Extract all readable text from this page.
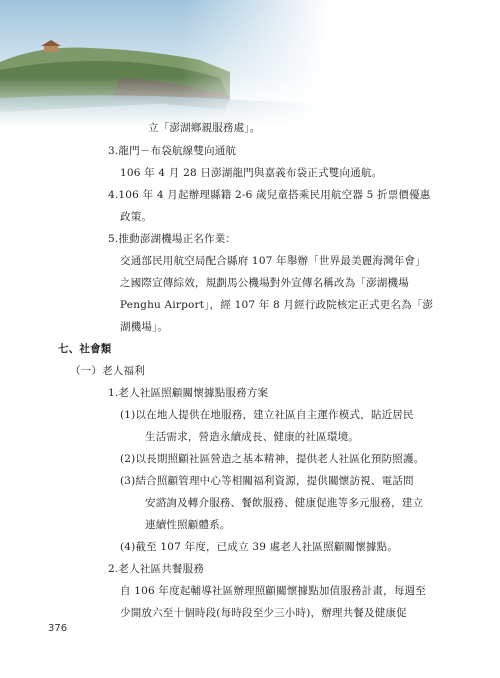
立「澎湖鄉親服務處」。
3.龍門－布袋航線雙向通航
106 年 4 月 28 日澎湖龍門與嘉義布袋正式雙向通航。
4.106 年 4 月起辦理縣籍 2-6 歲兒童搭乘民用航空器 5 折票價優惠
政策。
5.推動澎湖機場正名作業：
交通部民用航空局配合縣府 107 年舉辦「世界最美麗海灣年會」
之國際宣傳綜效，規劃馬公機場對外宣傳名稱改為「澎湖機場
Penghu Airport」，經 107 年 8 月經行政院核定正式更名為「澎
湖機場」。
七、社會類
（一）老人福利
1.老人社區照顧關懷據點服務方案
(1)以在地人提供在地服務，建立社區自主運作模式，貼近居民
生活需求，營造永續成長、健康的社區環境。
(2)以長期照顧社區營造之基本精神，提供老人社區化預防照護。
(3)結合照顧管理中心等相關福利資源，提供關懷訪視、電話問
安諮詢及轉介服務、餐飲服務、健康促進等多元服務，建立
連續性照顧體系。
(4)截至 107 年度，已成立 39 處老人社區照顧關懷據點。
2.老人社區共餐服務
自 106 年度起輔導社區辦理照顧關懷據點加值服務計畫，每週至
少開放六至十個時段(每時段至少三小時)，辦理共餐及健康促
376
